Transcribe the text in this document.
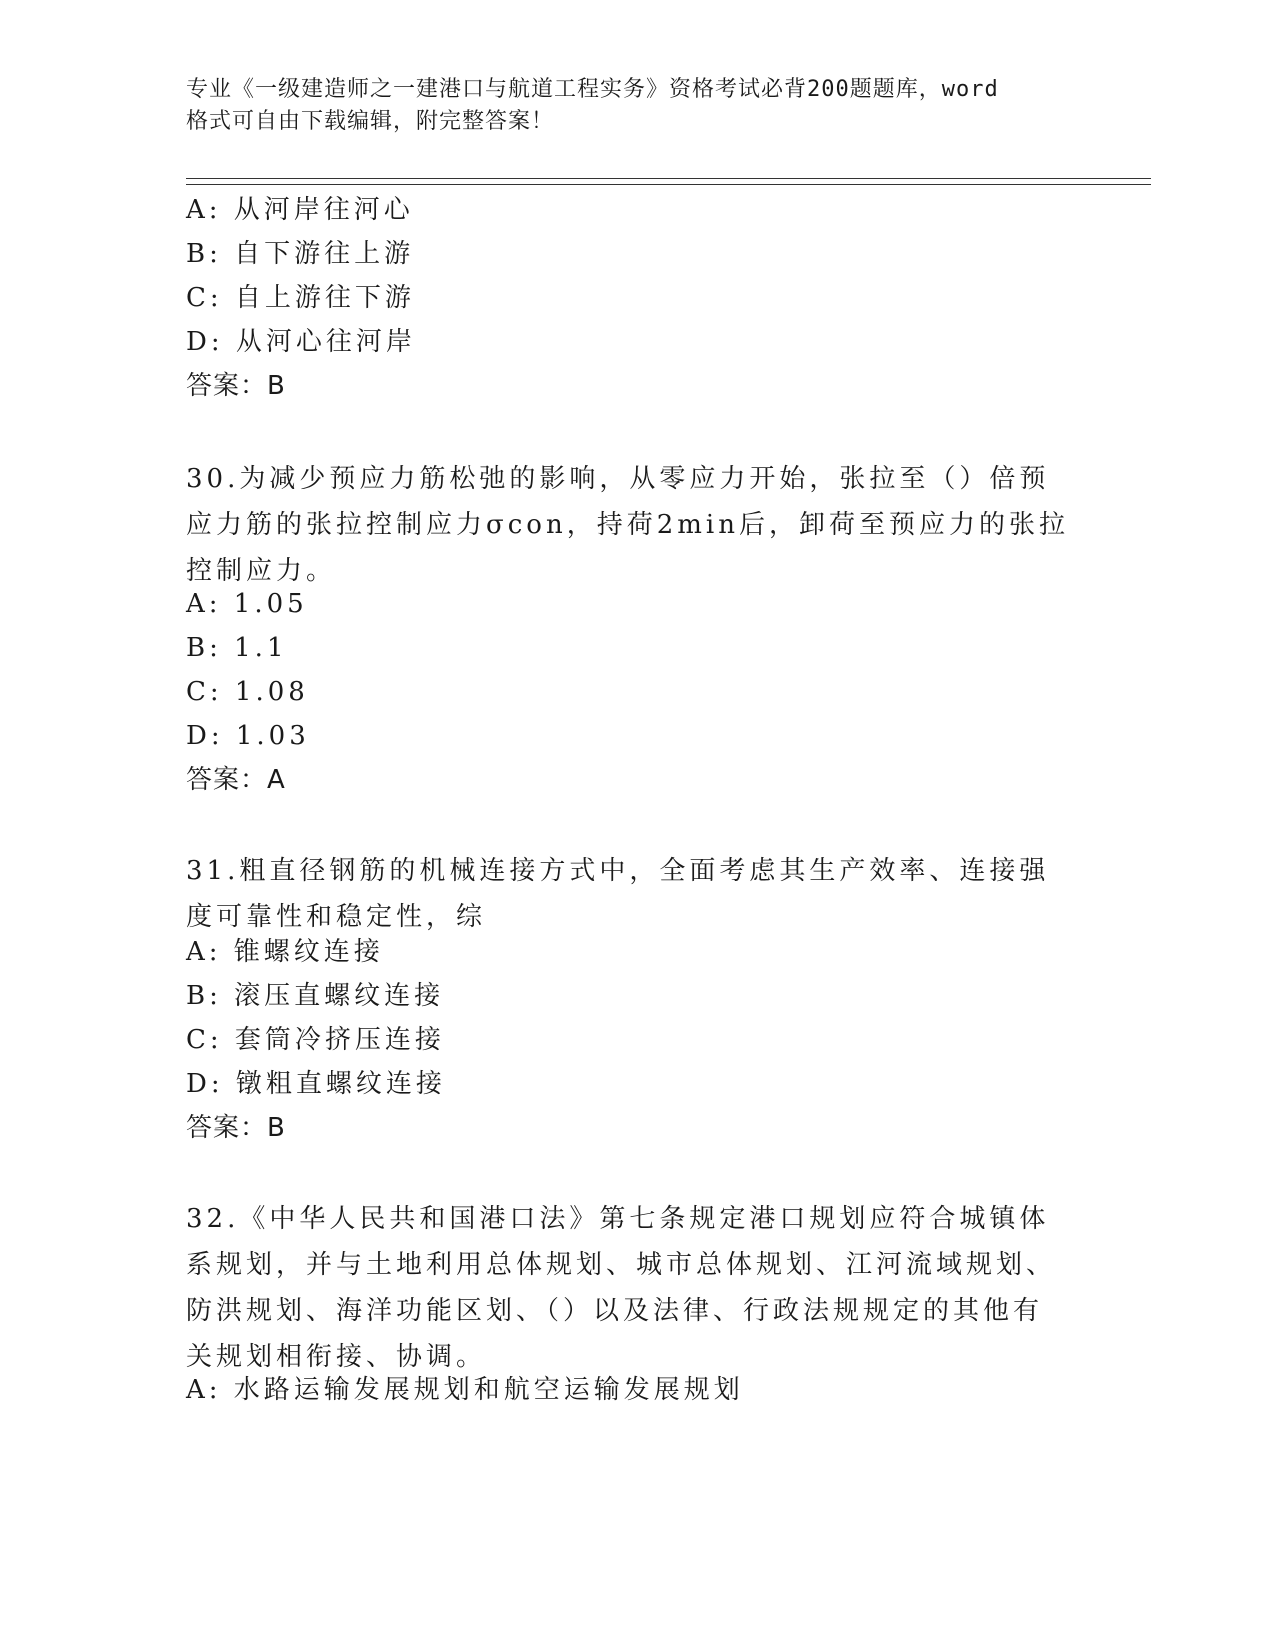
专业《一级建造师之一建港口与航道工程实务》资格考试必背200题题库，word
格式可自由下载编辑，附完整答案！
A: 从河岸往河心
B: 自下游往上游
C: 自上游往下游
D: 从河心往河岸
答案：B
30.为减少预应力筋松弛的影响，从零应力开始，张拉至（）倍预应力筋的张拉控制应力σcon，持荷2min后，卸荷至预应力的张拉控制应力。
A: 1.05
B: 1.1
C: 1.08
D: 1.03
答案：A
31.粗直径钢筋的机械连接方式中，全面考虑其生产效率、连接强度可靠性和稳定性，综
A: 锥螺纹连接
B: 滚压直螺纹连接
C: 套筒冷挤压连接
D: 镦粗直螺纹连接
答案：B
32.《中华人民共和国港口法》第七条规定港口规划应符合城镇体系规划，并与土地利用总体规划、城市总体规划、江河流域规划、防洪规划、海洋功能区划、（）以及法律、行政法规规定的其他有关规划相衔接、协调。
A: 水路运输发展规划和航空运输发展规划
